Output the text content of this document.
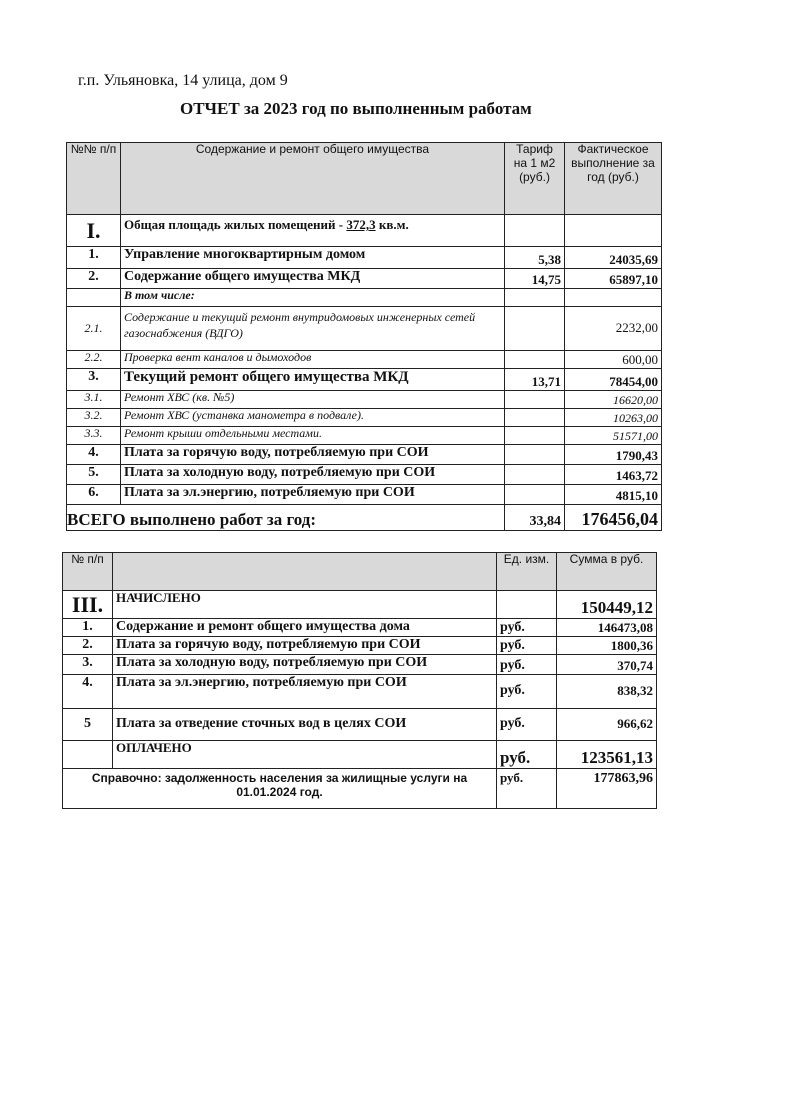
г.п. Ульяновка, 14 улица, дом 9
ОТЧЕТ за 2023 год по выполненным работам
№№ п/п	Содержание и ремонт общего имущества	Тариф на 1 м2 (руб.)	Фактическое выполнение за год (руб.)
I.	Общая площадь жилых помещений - 372,3 кв.м.		
1.	Управление многоквартирным домом	5,38	24035,69
2.	Содержание общего имущества МКД	14,75	65897,10
	В том числе:		
2.1.	Содержание и текущий ремонт внутридомовых инженерных сетей газоснабжения (ВДГО)		2232,00
2.2.	Проверка вент каналов и дымоходов		600,00
3.	Текущий ремонт общего имущества МКД	13,71	78454,00
3.1.	Ремонт ХВС (кв. №5)		16620,00
3.2.	Ремонт ХВС (устанвка манометра в подвале).		10263,00
3.3.	Ремонт крыши отдельными местами.		51571,00
4.	Плата за горячую воду, потребляемую при СОИ		1790,43
5.	Плата за холодную воду, потребляемую при СОИ		1463,72
6.	Плата за эл.энергию, потребляемую при СОИ		4815,10
ВСЕГО выполнено работ за год:		33,84	176456,04
№ п/п		Ед. изм.	Сумма в руб.
III.	НАЧИСЛЕНО		150449,12
1.	Содержание и ремонт общего имущества дома	руб.	146473,08
2.	Плата за горячую воду, потребляемую при СОИ	руб.	1800,36
3.	Плата за холодную воду, потребляемую при СОИ	руб.	370,74
4.	Плата за эл.энергию, потребляемую при СОИ	руб.	838,32
5	Плата за отведение сточных вод в целях СОИ	руб.	966,62
	ОПЛАЧЕНО	руб.	123561,13
Справочно: задолженность населения за жилищные услуги на 01.01.2024 год.		руб.	177863,96
